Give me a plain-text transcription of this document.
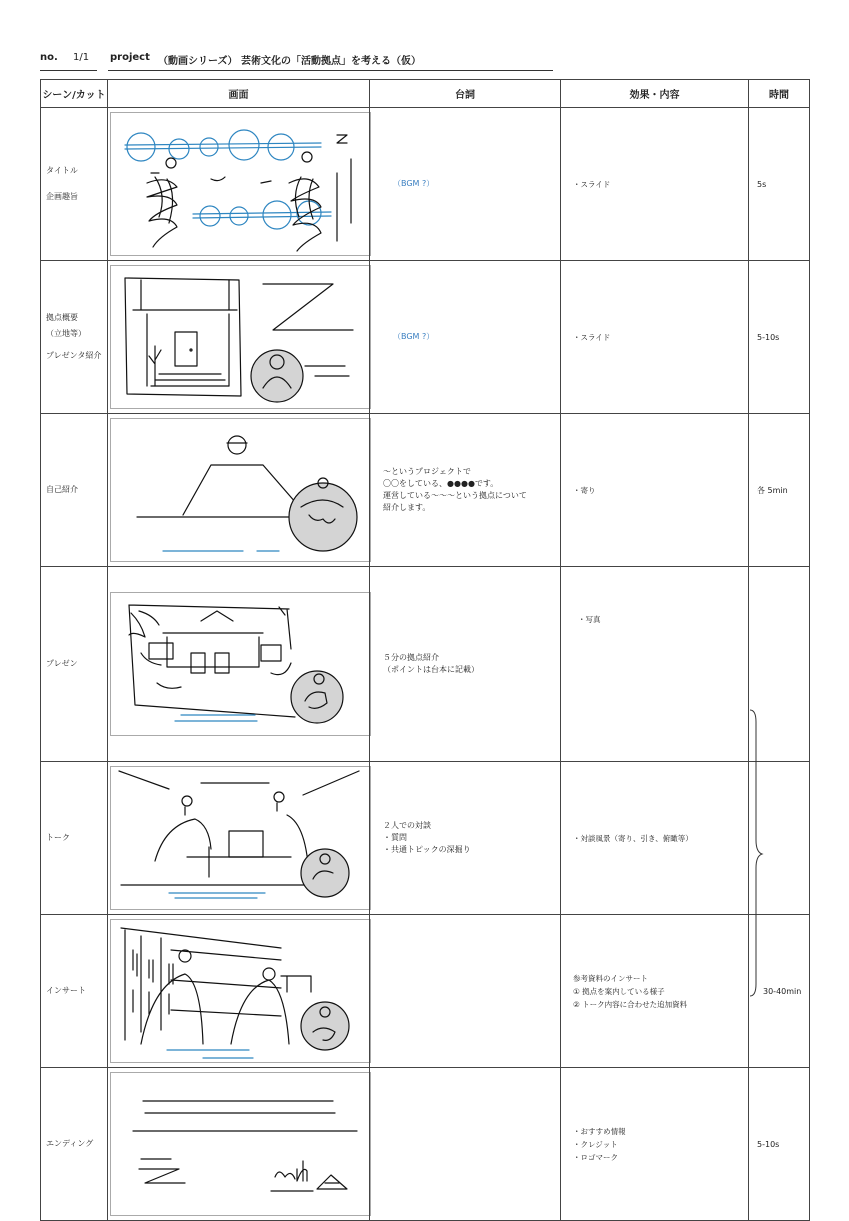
no. 1/1 project （動画シリーズ） 芸術文化の「活動拠点」を考える（仮）
シーン/カット	画面	台詞	効果・内容	時間

タイトル
企画趣旨		（BGM ?）	・スライド	5s

拠点概要
（立地等）
プレゼンタ紹介		（BGM ?）	・スライド	5-10s

自己紹介		～というプロジェクトで
〇〇をしている、●●●●です。
運営している～～～という拠点について
紹介します。	・寄り	各 5min

プレゼン		５分の拠点紹介
（ポイントは台本に記載）	・写真	

トーク		２人での対談
・質問
・共通トピックの深掘り	・対談風景（寄り、引き、俯瞰等）	

インサート			参考資料のインサート
① 拠点を案内している様子
② トーク内容に合わせた追加資料	30-40min

エンディング			・おすすめ情報
・クレジット
・ロゴマーク	5-10s
